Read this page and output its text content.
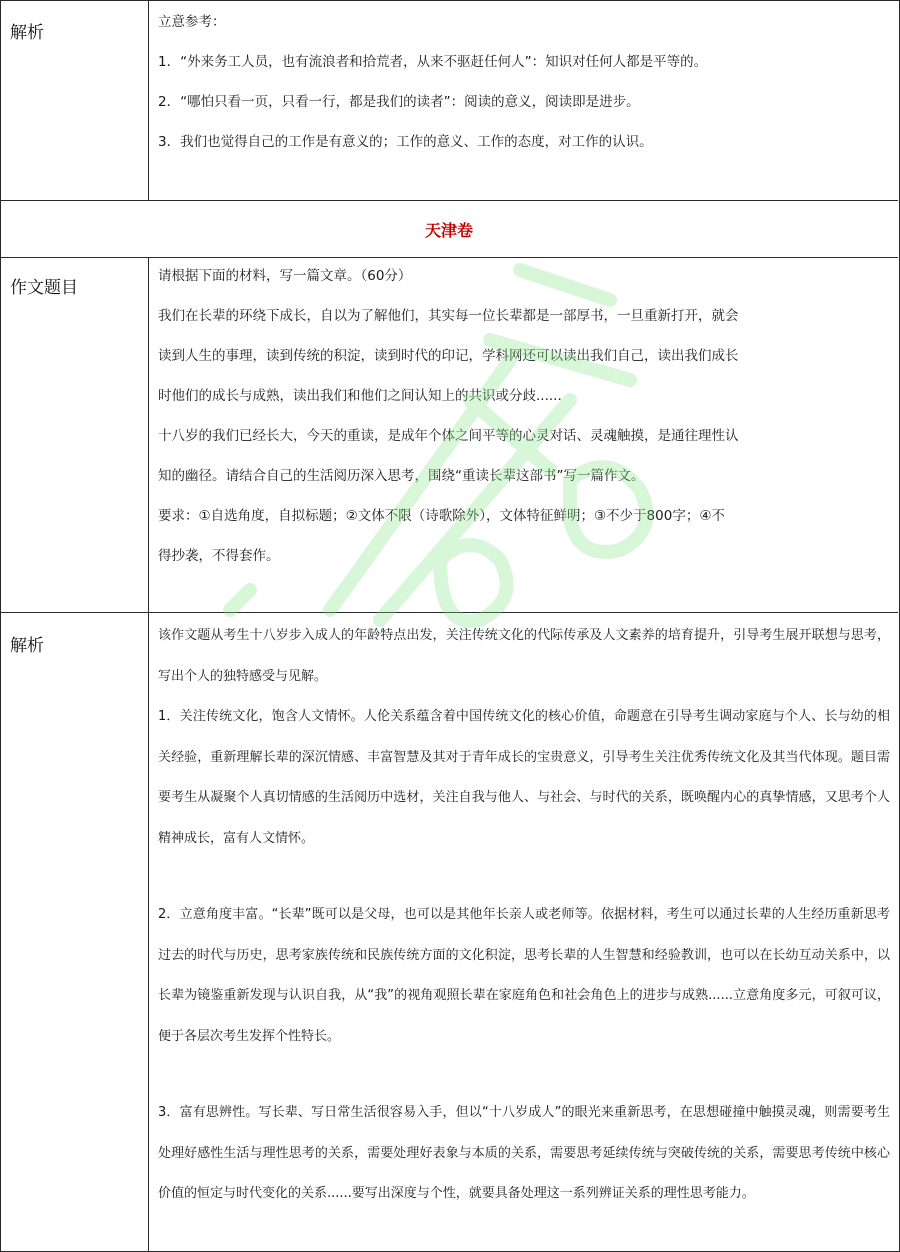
解析

立意参考：

1．“外来务工人员，也有流浪者和拾荒者，从来不驱赶任何人”：知识对任何人都是平等的。

2．“哪怕只看一页，只看一行，都是我们的读者”：阅读的意义，阅读即是进步。

3．我们也觉得自己的工作是有意义的；工作的意义、工作的态度，对工作的认识。

天津卷
作文题目

请根据下面的材料，写一篇文章。（60分）

我们在长辈的环绕下成长，自以为了解他们，其实每一位长辈都是一部厚书，一旦重新打开，就会

读到人生的事理，读到传统的积淀，读到时代的印记，学科网还可以读出我们自己，读出我们成长

时他们的成长与成熟，读出我们和他们之间认知上的共识或分歧......

十八岁的我们已经长大，今天的重读，是成年个体之间平等的心灵对话、灵魂触摸，是通往理性认

知的幽径。请结合自己的生活阅历深入思考，围绕“重读长辈这部书”写一篇作文。

要求：①自选角度，自拟标题；②文体不限（诗歌除外），文体特征鲜明；③不少于800字；④不

得抄袭，不得套作。

解析

该作文题从考生十八岁步入成人的年龄特点出发，关注传统文化的代际传承及人文素养的培育提升，引导考生展开联想与思考，写出个人的独特感受与见解。

1．关注传统文化，饱含人文情怀。人伦关系蕴含着中国传统文化的核心价值，命题意在引导考生调动家庭与个人、长与幼的相关经验，重新理解长辈的深沉情感、丰富智慧及其对于青年成长的宝贵意义，引导考生关注优秀传统文化及其当代体现。题目需要考生从凝聚个人真切情感的生活阅历中选材，关注自我与他人、与社会、与时代的关系，既唤醒内心的真挚情感，又思考个人精神成长，富有人文情怀。

2．立意角度丰富。“长辈”既可以是父母，也可以是其他年长亲人或老师等。依据材料，考生可以通过长辈的人生经历重新思考过去的时代与历史，思考家族传统和民族传统方面的文化积淀，思考长辈的人生智慧和经验教训，也可以在长幼互动关系中，以长辈为镜鉴重新发现与认识自我，从“我”的视角观照长辈在家庭角色和社会角色上的进步与成熟......立意角度多元，可叙可议，便于各层次考生发挥个性特长。

3．富有思辨性。写长辈、写日常生活很容易入手，但以“十八岁成人”的眼光来重新思考，在思想碰撞中触摸灵魂，则需要考生处理好感性生活与理性思考的关系，需要处理好表象与本质的关系，需要思考延续传统与突破传统的关系，需要思考传统中核心价值的恒定与时代变化的关系......要写出深度与个性，就要具备处理这一系列辨证关系的理性思考能力。
